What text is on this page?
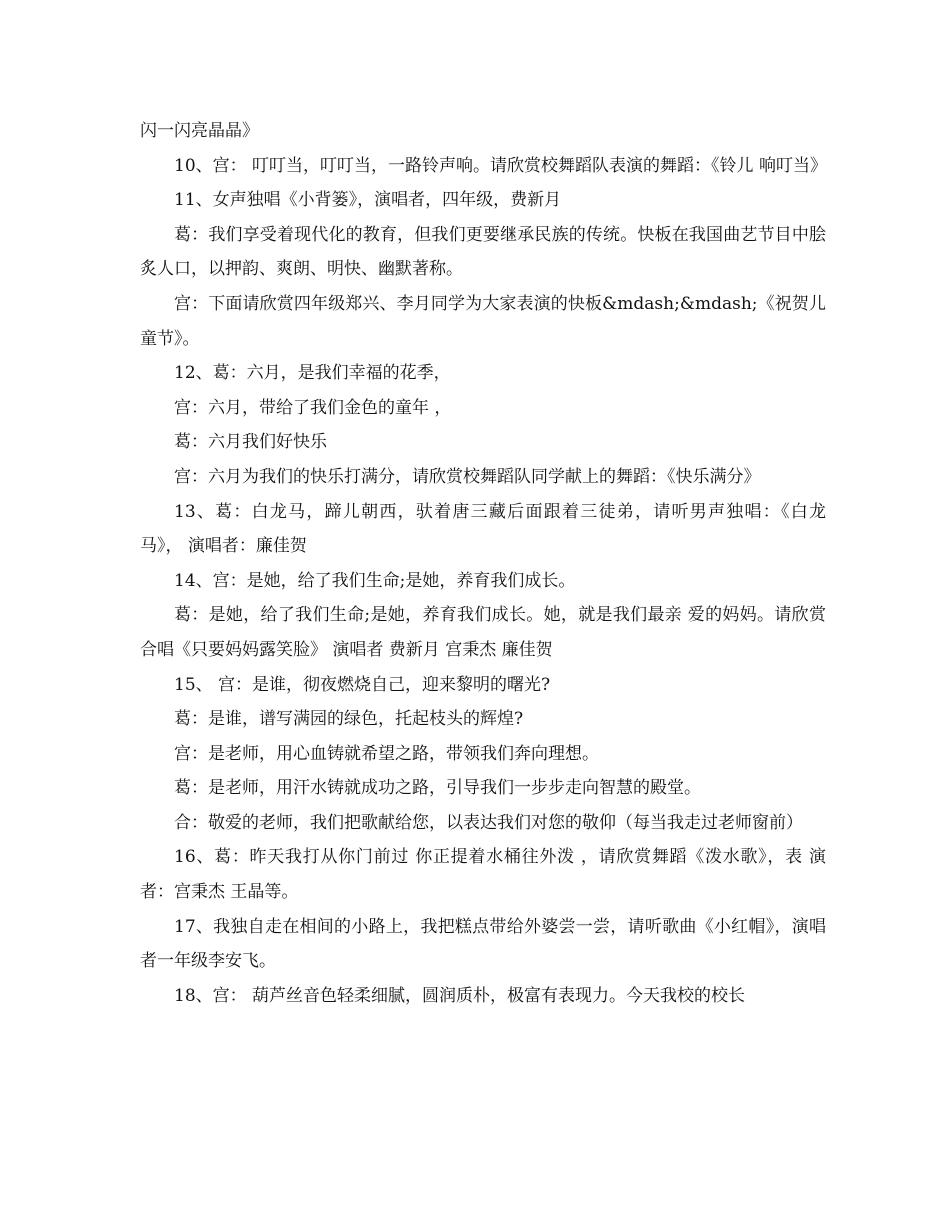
闪一闪亮晶晶》

10、宫： 叮叮当，叮叮当，一路铃声响。请欣赏校舞蹈队表演的舞蹈：《铃儿 响叮当》

11、女声独唱《小背篓》，演唱者，四年级，费新月

葛：我们享受着现代化的教育，但我们更要继承民族的传统。快板在我国曲艺节目中脍炙人口，以押韵、爽朗、明快、幽默著称。

宫：下面请欣赏四年级郑兴、李月同学为大家表演的快板&mdash;&mdash;《祝贺儿童节》。

12、葛：六月，是我们幸福的花季，

宫：六月，带给了我们金色的童年 ，

葛：六月我们好快乐

宫：六月为我们的快乐打满分，请欣赏校舞蹈队同学献上的舞蹈：《快乐满分》

13、葛：白龙马，蹄儿朝西，驮着唐三藏后面跟着三徒弟，请听男声独唱：《白龙 马》， 演唱者：廉佳贺

14、宫：是她，给了我们生命;是她，养育我们成长。

葛：是她，给了我们生命;是她，养育我们成长。她，就是我们最亲 爱的妈妈。请欣赏合唱《只要妈妈露笑脸》 演唱者 费新月 宫秉杰 廉佳贺

15、 宫：是谁，彻夜燃烧自己，迎来黎明的曙光?

葛：是谁，谱写满园的绿色，托起枝头的辉煌?

宫：是老师，用心血铸就希望之路，带领我们奔向理想。

葛：是老师，用汗水铸就成功之路，引导我们一步步走向智慧的殿堂。

合：敬爱的老师，我们把歌献给您，以表达我们对您的敬仰（每当我走过老师窗前）

16、葛：昨天我打从你门前过 你正提着水桶往外泼 ，请欣赏舞蹈《泼水歌》，表 演者：宫秉杰 王晶等。

17、我独自走在相间的小路上，我把糕点带给外婆尝一尝，请听歌曲《小红帽》，演唱者一年级李安飞。

18、宫： 葫芦丝音色轻柔细腻，圆润质朴，极富有表现力。今天我校的校长
